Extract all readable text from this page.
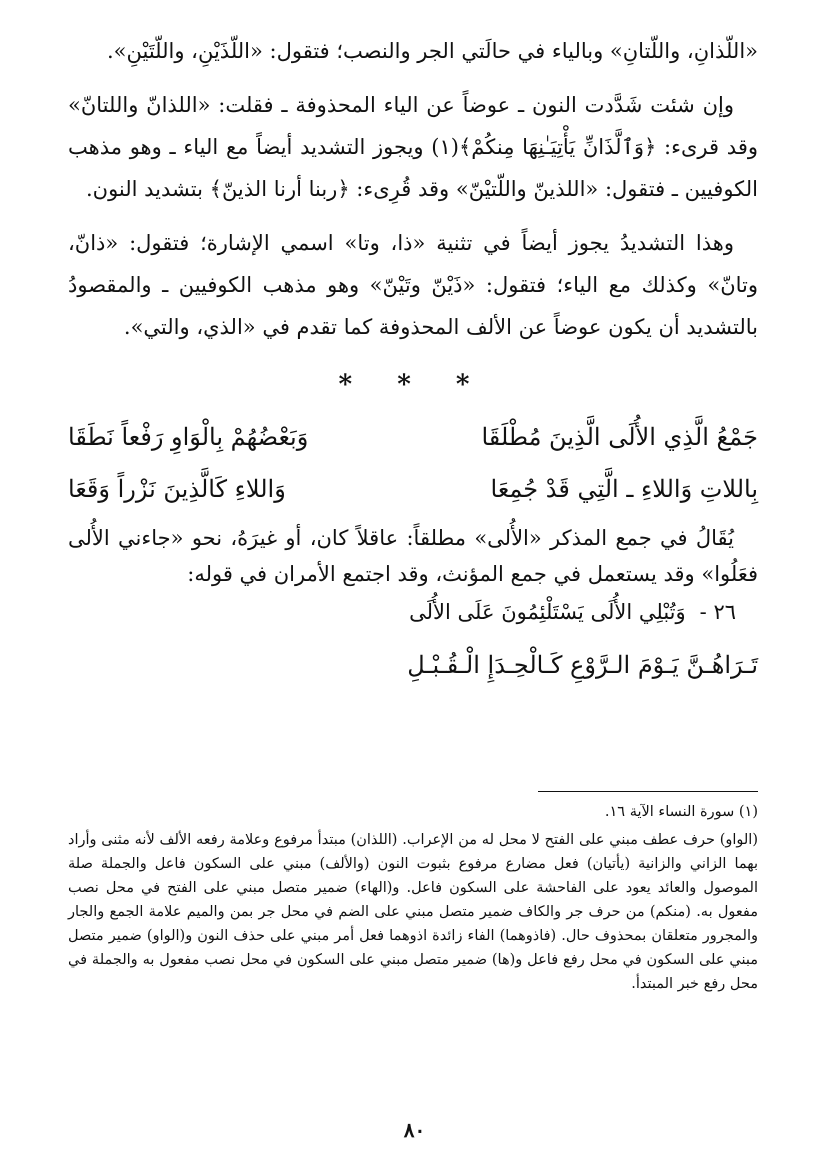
«اللّذانِ، واللّتانِ» وبالياء في حالَتي الجر والنصب؛ فتقول: «اللّذَيْنِ، واللّتَيْنِ».

وإن شئت شَدَّدت النون ـ عوضاً عن الياء المحذوفة ـ فقلت: «اللذانّ واللتانّ» وقد قرىء: ﴿وَٱلَّذَانِّ يَأْتِيَـٰنِهَا مِنكُمْ﴾(١) ويجوز التشديد أيضاً مع الياء ـ وهو مذهب الكوفيين ـ فتقول: «اللذينّ واللّتيْنّ» وقد قُرِىء: ﴿ربنا أرنا الذينّ﴾ بتشديد النون.

وهذا التشديدُ يجوز أيضاً في تثنية «ذا، وتا» اسمي الإشارة؛ فتقول: «ذانّ، وتانّ» وكذلك مع الياء؛ فتقول: «ذَيْنّ وتَيْنّ» وهو مذهب الكوفيين ـ والمقصودُ بالتشديد أن يكون عوضاً عن الألف المحذوفة كما تقدم في «الذي، والتي».

* * *
جَمْعُ الَّذِي الأُلَى الَّذِينَ مُطْلَقَا
وَبَعْضُهُمْ بِالْوَاوِ رَفْعاً نَطَقَا
بِاللاتِ وَاللاءِ ـ الَّتِي قَدْ جُمِعَا
وَاللاءِ كَالَّذِينَ نَزْراً وَقَعَا

يُقَالُ في جمع المذكر «الأُلى» مطلقاً: عاقلاً كان، أو غيرَهُ، نحو «جاءني الأُلى فعَلُوا» وقد يستعمل في جمع المؤنث، وقد اجتمع الأمران في قوله:

٢٦ -وَتُبْلِي الأُلَى يَسْتَلْئِمُونَ عَلَى الأُلَى

تَـرَاهُـنَّ يَـوْمَ الـرَّوْعِ كَـالْحِـدَإِ الْـقُـبْـلِ

(١) سورة النساء الآية ١٦.

(الواو) حرف عطف مبني على الفتح لا محل له من الإعراب. (اللذان) مبتدأ مرفوع وعلامة رفعه الألف لأنه مثنى وأراد بهما الزاني والزانية (يأتيان) فعل مضارع مرفوع بثبوت النون (والألف) مبني على السكون فاعل والجملة صلة الموصول والعائد يعود على الفاحشة على السكون فاعل. و(الهاء) ضمير متصل مبني على الفتح في محل نصب مفعول به. (منكم) من حرف جر والكاف ضمير متصل مبني على الضم في محل جر بمن والميم علامة الجمع والجار والمجرور متعلقان بمحذوف حال. (فاذوهما) الفاء زائدة اذوهما فعل أمر مبني على حذف النون و(الواو) ضمير متصل مبني على السكون في محل رفع فاعل و(ها) ضمير متصل مبني على السكون في محل نصب مفعول به والجملة في محل رفع خبر المبتدأ.

٨٠
